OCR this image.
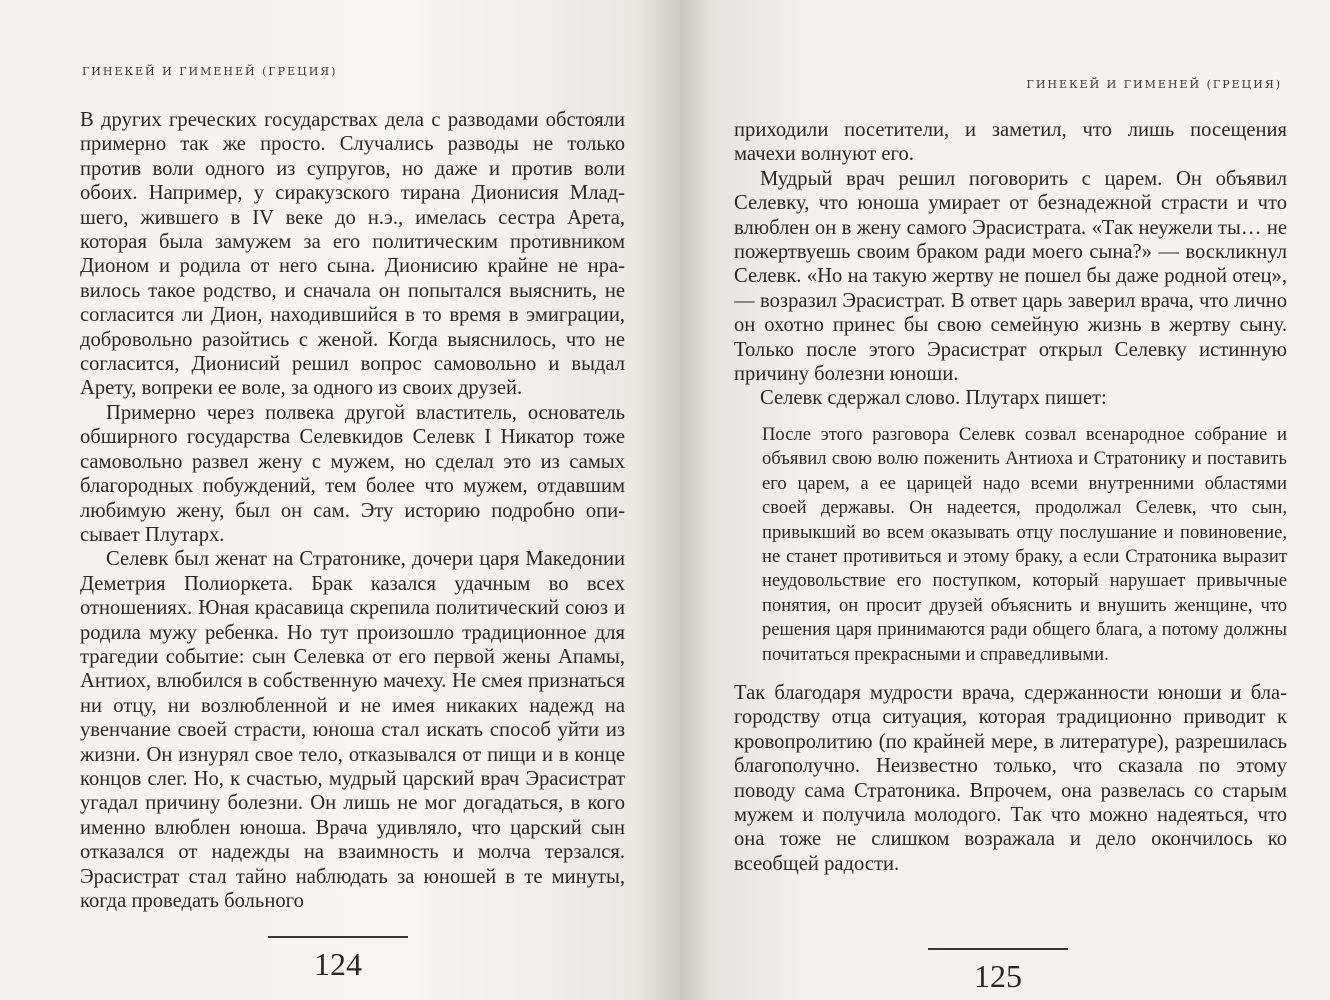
ГИНЕКЕЙ И ГИМЕНЕЙ (ГРЕЦИЯ)

В других греческих государствах дела с разводами обстояли примерно так же просто. Случались разводы не только против воли одного из супругов, но даже и против воли обоих. Например, у сиракузского тирана Дионисия Младшего, жившего в IV веке до н.э., имелась сестра Арета, которая была замужем за его политическим противником Дионом и родила от него сына. Дионисию крайне не нравилось такое родство, и сначала он попытался выяснить, не согласится ли Дион, находившийся в то время в эмиграции, добровольно разойтись с женой. Когда выяснилось, что не согласится, Дионисий решил вопрос самовольно и выдал Арету, вопреки ее воле, за одного из своих друзей.

Примерно через полвека другой властитель, основатель обширного государства Селевкидов Селевк I Никатор тоже самовольно развел жену с мужем, но сделал это из самых благородных побуждений, тем более что мужем, отдавшим любимую жену, был он сам. Эту историю подробно описывает Плутарх.

Селевк был женат на Стратонике, дочери царя Македонии Деметрия Полиоркета. Брак казался удачным во всех отношениях. Юная красавица скрепила политический союз и родила мужу ребенка. Но тут произошло традиционное для трагедии событие: сын Селевка от его первой жены Апамы, Антиох, влюбился в собственную мачеху. Не смея признаться ни отцу, ни возлюбленной и не имея никаких надежд на увенчание своей страсти, юноша стал искать способ уйти из жизни. Он изнурял свое тело, отказывался от пищи и в конце концов слег. Но, к счастью, мудрый царский врач Эрасистрат угадал причину болезни. Он лишь не мог догадаться, в кого именно влюблен юноша. Врача удивляло, что царский сын отказался от надежды на взаимность и молча терзался. Эрасистрат стал тайно наблюдать за юношей в те минуты, когда проведать больного

124
ГИНЕКЕЙ И ГИМЕНЕЙ (ГРЕЦИЯ)

приходили посетители, и заметил, что лишь посещения мачехи волнуют его.

Мудрый врач решил поговорить с царем. Он объявил Селевку, что юноша умирает от безнадежной страсти и что влюблен он в жену самого Эрасистрата. «Так неужели ты… не пожертвуешь своим браком ради моего сына?» — воскликнул Селевк. «Но на такую жертву не пошел бы даже родной отец», — возразил Эрасистрат. В ответ царь заверил врача, что лично он охотно принес бы свою семейную жизнь в жертву сыну. Только после этого Эрасистрат открыл Селевку истинную причину болезни юноши.

Селевк сдержал слово. Плутарх пишет:

После этого разговора Селевк созвал всенародное собрание и объявил свою волю поженить Антиоха и Стратонику и поставить его царем, а ее царицей надо всеми внутренними областями своей державы. Он надеется, продолжал Селевк, что сын, привыкший во всем оказывать отцу послушание и повиновение, не станет противиться и этому браку, а если Стратоника выразит неудовольствие его поступком, который нарушает привычные понятия, он просит друзей объяснить и внушить женщине, что решения царя принимаются ради общего блага, а потому должны почитаться прекрасными и справедливыми.

Так благодаря мудрости врача, сдержанности юноши и благородству отца ситуация, которая традиционно приводит к кровопролитию (по крайней мере, в литературе), разрешилась благополучно. Неизвестно только, что сказала по этому поводу сама Стратоника. Впрочем, она развелась со старым мужем и получила молодого. Так что можно надеяться, что она тоже не слишком возражала и дело окончилось ко всеобщей радости.

125
